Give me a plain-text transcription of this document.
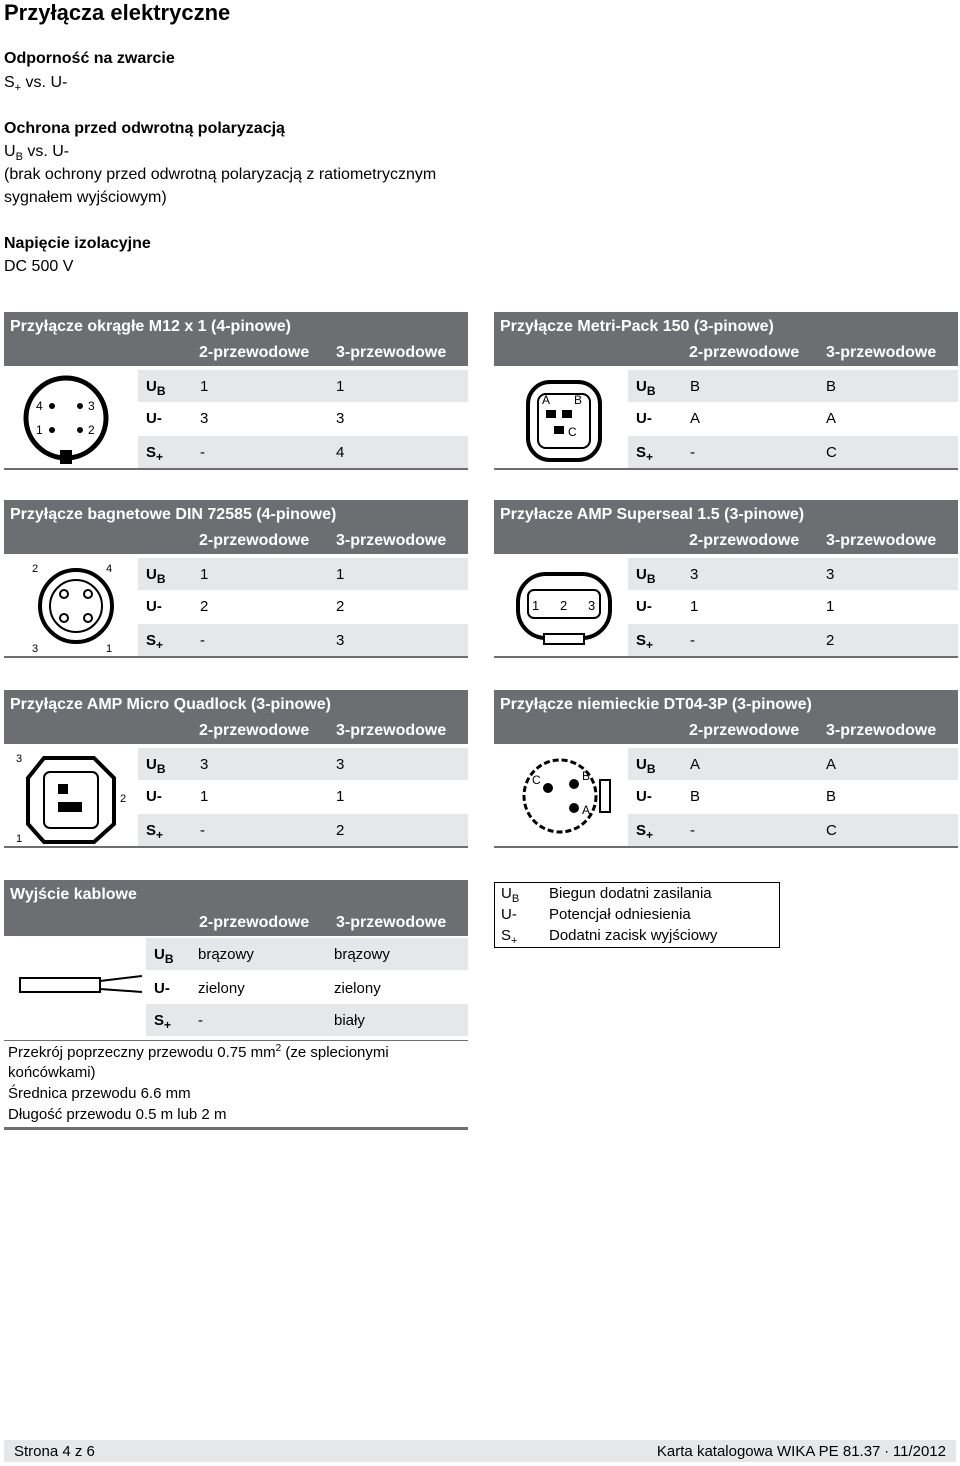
Przyłącza elektryczne
Odporność na zwarcie
$S_+$ vs. U-
Ochrona przed odwrotną polaryzacją
$U_B$ vs. U-
(brak ochrony przed odwrotną polaryzacją z ratiometrycznym
sygnałem wyjściowym)
Napięcie izolacyjne
DC 500 V
Przyłącze okrągłe M12 x 1 (4-pinowe)
2-przewodowe 3-przewodowe
4	3
1	2
$U_B$ 1	1
U-	3	3
$S_+$ -	4
Przyłącze Metri-Pack 150 (3-pinowe)
2-przewodowe 3-przewodowe
A B
C
$U_B$ B	B
U-	A	A
$S_+$ -	C
Przyłącze bagnetowe DIN 72585 (4-pinowe)
2-przewodowe 3-przewodowe
2	4
3	1
$U_B$ 1	1
U-	2	2
$S_+$ -	3
Przyłacze AMP Superseal 1.5 (3-pinowe)
2-przewodowe 3-przewodowe
1 2 3
$U_B$ 3	3
U-	1	1
$S_+$ -	2
Przyłącze AMP Micro Quadlock (3-pinowe)
2-przewodowe 3-przewodowe
3
2
1
$U_B$ 3	3
U-	1	1
$S_+$ -	2
Przyłącze niemieckie DT04-3P (3-pinowe)
2-przewodowe 3-przewodowe
C	B
A
$U_B$ A	A
U-	B	B
$S_+$ -	C
Wyjście kablowe
2-przewodowe 3-przewodowe
$U_B$ brązowy	brązowy
U- zielony	zielony
$S_+$ -	biały
Przekrój poprzeczny przewodu 0.75 $mm^2$ (ze splecionymi
końcówkami)
Średnica przewodu 6.6 mm
Długość przewodu 0.5 m lub 2 m
$U_B$ Biegun dodatni zasilania
U- Potencjał odniesienia
$S_+$ Dodatni zacisk wyjściowy
Strona 4 z 6	Karta katalogowa WIKA PE 81.37 ∙ 11/2012
